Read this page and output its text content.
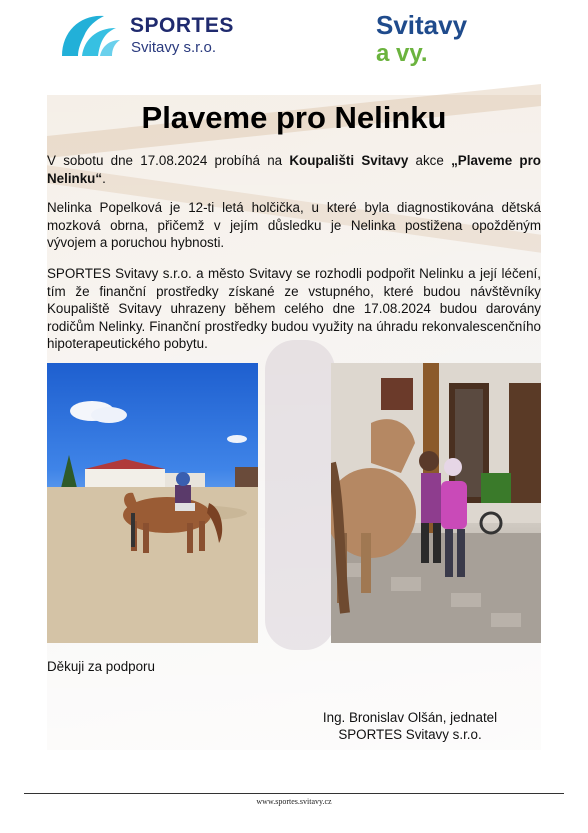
SPORTES
Svitavy s.r.o.
Svitavy
a vy.
Plaveme pro Nelinku
V sobotu dne 17.08.2024 probíhá na Koupališti Svitavy akce „Plaveme pro Nelinku“.
Nelinka Popelková je 12-ti letá holčička, u které byla diagnostikována dětská mozková obrna, přičemž v jejím důsledku je Nelinka postižena opožděným vývojem a poruchou hybnosti.
SPORTES Svitavy s.r.o. a město Svitavy se rozhodli podpořit Nelinku a její léčení, tím že finanční prostředky získané ze vstupného, které budou návštěvníky Koupaliště Svitavy uhrazeny během celého dne 17.08.2024 budou darovány rodičům Nelinky. Finanční prostředky budou využity na úhradu rekonvalescenčního hipoterapeutického pobytu.
Děkuji za podporu
Ing. Bronislav Olšán, jednatel
SPORTES Svitavy s.r.o.
www.sportes.svitavy.cz
